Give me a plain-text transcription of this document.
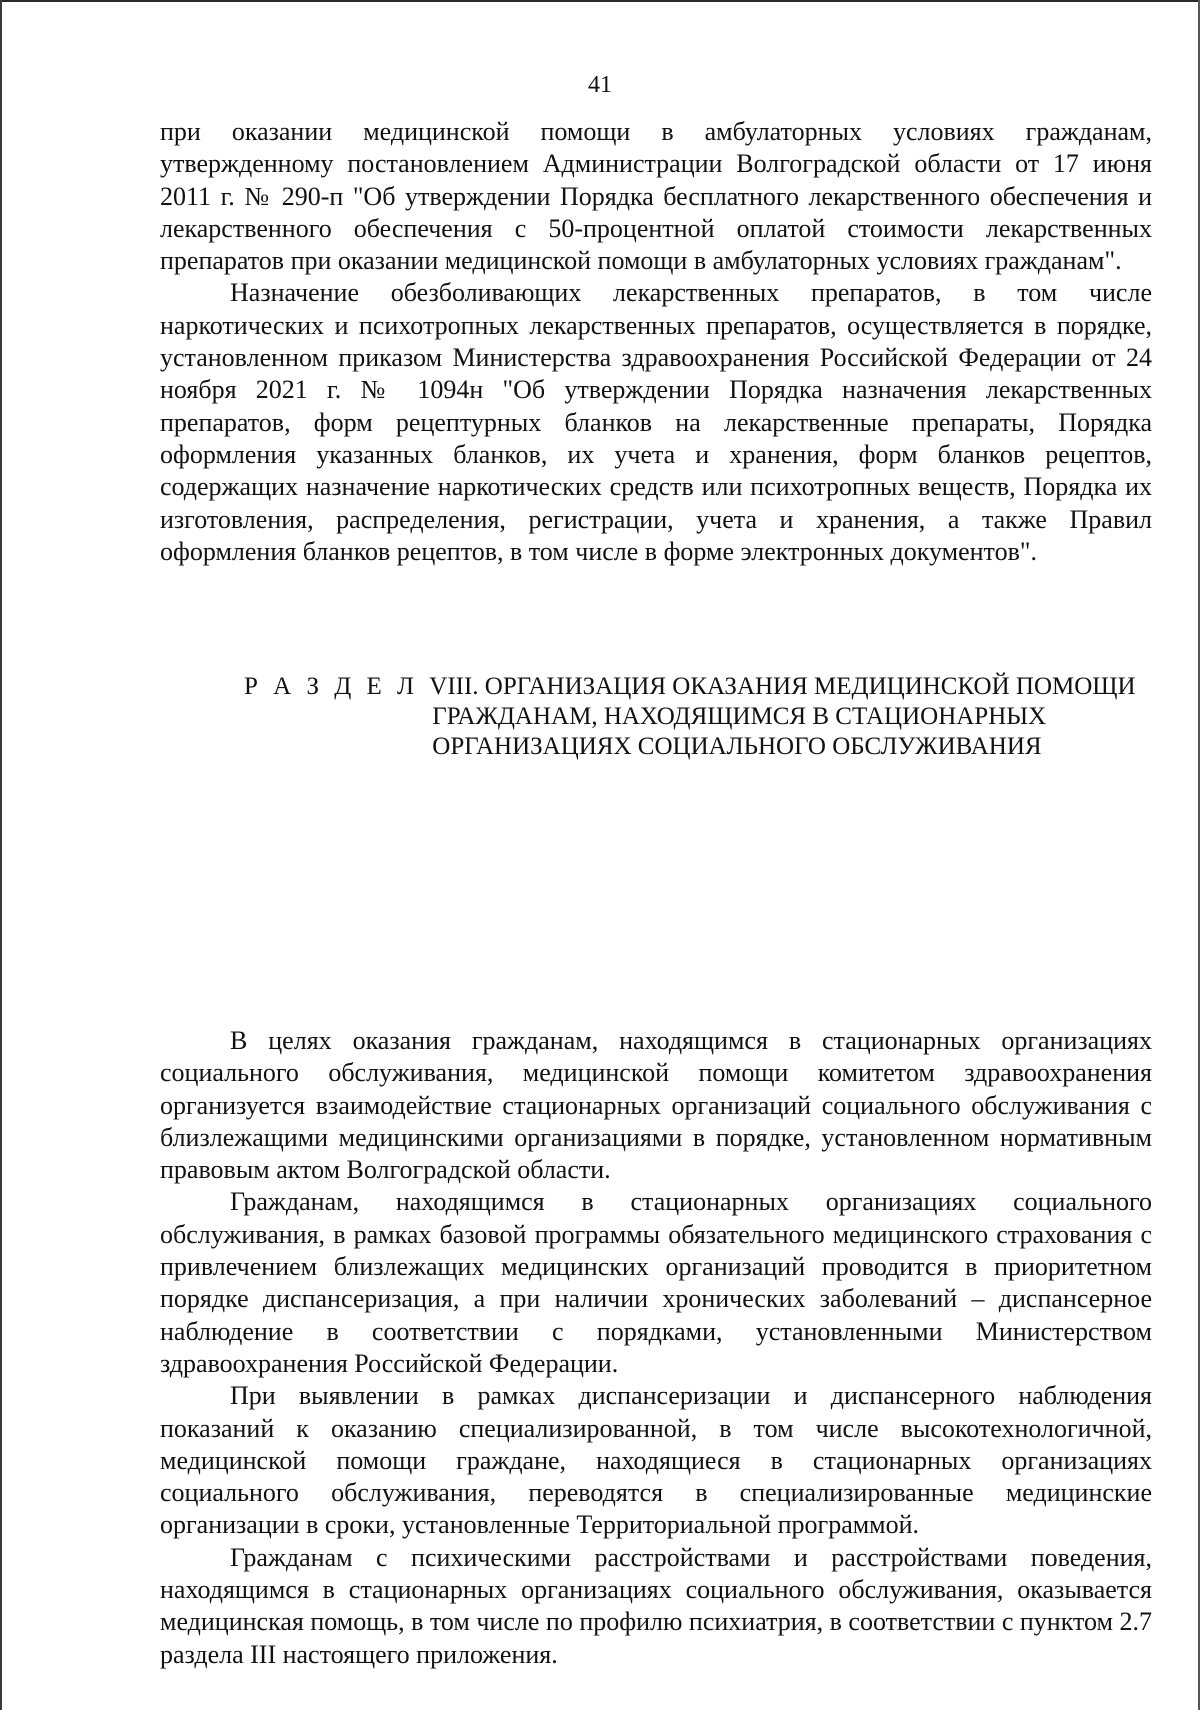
41

при оказании медицинской помощи в амбулаторных условиях гражданам, утвержденному постановлением Администрации Волгоградской области от 17 июня 2011 г. № 290-п "Об утверждении Порядка бесплатного лекарственного обеспечения и лекарственного обеспечения с 50-процентной оплатой стоимости лекарственных препаратов при оказании медицинской помощи в амбулаторных условиях гражданам".

Назначение обезболивающих лекарственных препаратов, в том числе наркотических и психотропных лекарственных препаратов, осуществляется в порядке, установленном приказом Министерства здравоохранения Российской Федерации от 24 ноября 2021 г. № 1094н "Об утверждении Порядка назначения лекарственных препаратов, форм рецептурных бланков на лекарственные препараты, Порядка оформления указанных бланков, их учета и хранения, форм бланков рецептов, содержащих назначение наркотических средств или психотропных веществ, Порядка их изготовления, распределения, регистрации, учета и хранения, а также Правил оформления бланков рецептов, в том числе в форме электронных документов".

Р А З Д Е Л VIII. ОРГАНИЗАЦИЯ ОКАЗАНИЯ МЕДИЦИНСКОЙ ПОМОЩИ
ГРАЖДАНАМ, НАХОДЯЩИМСЯ В СТАЦИОНАРНЫХ
ОРГАНИЗАЦИЯХ СОЦИАЛЬНОГО ОБСЛУЖИВАНИЯ

В целях оказания гражданам, находящимся в стационарных организациях социального обслуживания, медицинской помощи комитетом здравоохранения организуется взаимодействие стационарных организаций социального обслуживания с близлежащими медицинскими организациями в порядке, установленном нормативным правовым актом Волгоградской области.

Гражданам, находящимся в стационарных организациях социального обслуживания, в рамках базовой программы обязательного медицинского страхования с привлечением близлежащих медицинских организаций проводится в приоритетном порядке диспансеризация, а при наличии хронических заболеваний – диспансерное наблюдение в соответствии с порядками, установленными Министерством здравоохранения Российской Федерации.

При выявлении в рамках диспансеризации и диспансерного наблюдения показаний к оказанию специализированной, в том числе высокотехнологичной, медицинской помощи граждане, находящиеся в стационарных организациях социального обслуживания, переводятся в специализированные медицинские организации в сроки, установленные Территориальной программой.

Гражданам с психическими расстройствами и расстройствами поведения, находящимся в стационарных организациях социального обслуживания, оказывается медицинская помощь, в том числе по профилю психиатрия, в соответствии с пунктом 2.7 раздела III настоящего приложения.
